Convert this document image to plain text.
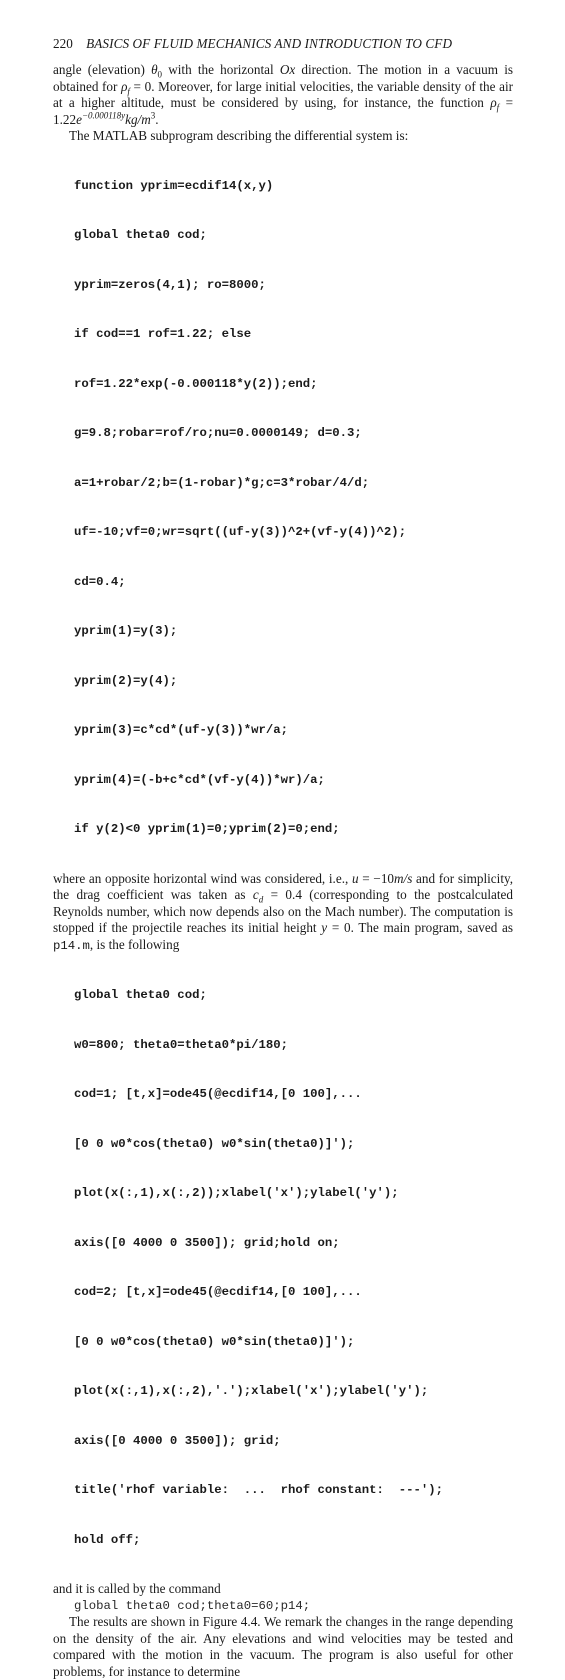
220 BASICS OF FLUID MECHANICS AND INTRODUCTION TO CFD

angle (elevation) $\theta_0$ with the horizontal Ox direction. The motion in a vacuum is obtained for $\rho_f = 0$. Moreover, for large initial velocities, the variable density of the air at a higher altitude, must be considered by using, for instance, the function $\rho_f = 1.22e^{-0.000118y}kg/m^3$.

The MATLAB subprogram describing the differential system is:

function yprim=ecdif14(x,y)

global theta0 cod;

yprim=zeros(4,1); ro=8000;

if cod==1 rof=1.22; else

rof=1.22*exp(-0.000118*y(2));end;

g=9.8;robar=rof/ro;nu=0.0000149; d=0.3;

a=1+robar/2;b=(1-robar)*g;c=3*robar/4/d;

uf=-10;vf=0;wr=sqrt((uf-y(3))^2+(vf-y(4))^2);

cd=0.4;

yprim(1)=y(3);

yprim(2)=y(4);

yprim(3)=c*cd*(uf-y(3))*wr/a;

yprim(4)=(-b+c*cd*(vf-y(4))*wr)/a;

if y(2)<0 yprim(1)=0;yprim(2)=0;end;

where an opposite horizontal wind was considered, i.e., u = −10m/s and for simplicity, the drag coefficient was taken as $c_d = 0.4$ (corresponding to the postcalculated Reynolds number, which now depends also on the Mach number). The computation is stopped if the projectile reaches its initial height y = 0. The main program, saved as p14.m, is the following

global theta0 cod;

w0=800; theta0=theta0*pi/180;

cod=1; [t,x]=ode45(@ecdif14,[0 100],...

[0 0 w0*cos(theta0) w0*sin(theta0)]');

plot(x(:,1),x(:,2));xlabel('x');ylabel('y');

axis([0 4000 0 3500]); grid;hold on;

cod=2; [t,x]=ode45(@ecdif14,[0 100],...

[0 0 w0*cos(theta0) w0*sin(theta0)]');

plot(x(:,1),x(:,2),'.');xlabel('x');ylabel('y');

axis([0 4000 0 3500]); grid;

title('rhof variable:  ...  rhof constant:  ---');

hold off;

and it is called by the command

global theta0 cod;theta0=60;p14;

The results are shown in Figure 4.4. We remark the changes in the range depending on the density of the air. Any elevations and wind velocities may be tested and compared with the motion in the vacuum. The program is also useful for other problems, for instance to determine
